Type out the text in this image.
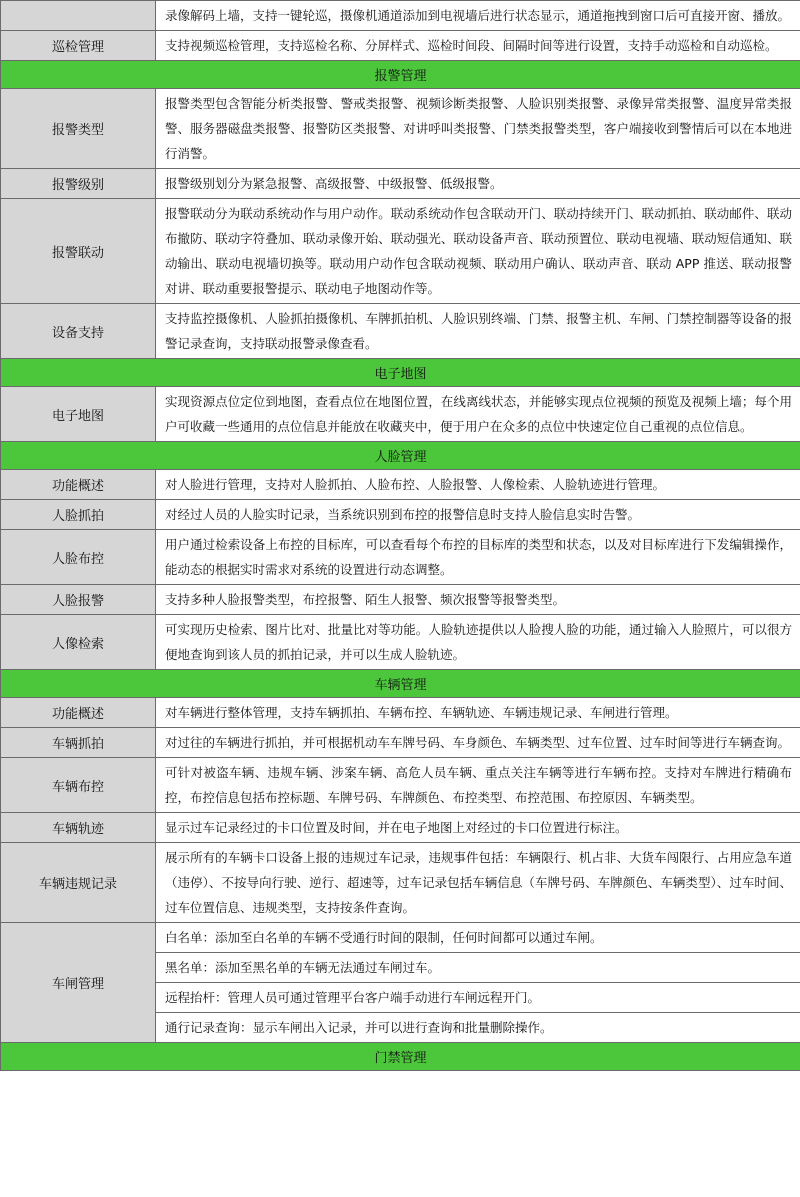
	录像解码上墙，支持一键轮巡，摄像机通道添加到电视墙后进行状态显示，通道拖拽到窗口后可直接开窗、播放。
巡检管理	支持视频巡检管理，支持巡检名称、分屏样式、巡检时间段、间隔时间等进行设置，支持手动巡检和自动巡检。
报警管理	
报警类型	报警类型包含智能分析类报警、警戒类报警、视频诊断类报警、人脸识别类报警、录像异常类报警、温度异常类报警、服务器磁盘类报警、报警防区类报警、对讲呼叫类报警、门禁类报警类型，客户端接收到警情后可以在本地进行消警。
报警级别	报警级别划分为紧急报警、高级报警、中级报警、低级报警。
报警联动	报警联动分为联动系统动作与用户动作。联动系统动作包含联动开门、联动持续开门、联动抓拍、联动邮件、联动布撤防、联动字符叠加、联动录像开始、联动强光、联动设备声音、联动预置位、联动电视墙、联动短信通知、联动输出、联动电视墙切换等。联动用户动作包含联动视频、联动用户确认、联动声音、联动 APP 推送、联动报警对讲、联动重要报警提示、联动电子地图动作等。
设备支持	支持监控摄像机、人脸抓拍摄像机、车牌抓拍机、人脸识别终端、门禁、报警主机、车闸、门禁控制器等设备的报警记录查询，支持联动报警录像查看。
电子地图	
电子地图	实现资源点位定位到地图，查看点位在地图位置，在线离线状态，并能够实现点位视频的预览及视频上墙；每个用户可收藏一些通用的点位信息并能放在收藏夹中，便于用户在众多的点位中快速定位自己重视的点位信息。
人脸管理	
功能概述	对人脸进行管理，支持对人脸抓拍、人脸布控、人脸报警、人像检索、人脸轨迹进行管理。
人脸抓拍	对经过人员的人脸实时记录，当系统识别到布控的报警信息时支持人脸信息实时告警。
人脸布控	用户通过检索设备上布控的目标库，可以查看每个布控的目标库的类型和状态，以及对目标库进行下发编辑操作，能动态的根据实时需求对系统的设置进行动态调整。
人脸报警	支持多种人脸报警类型，布控报警、陌生人报警、频次报警等报警类型。
人像检索	可实现历史检索、图片比对、批量比对等功能。人脸轨迹提供以人脸搜人脸的功能，通过输入人脸照片，可以很方便地查询到该人员的抓拍记录，并可以生成人脸轨迹。
车辆管理	
功能概述	对车辆进行整体管理，支持车辆抓拍、车辆布控、车辆轨迹、车辆违规记录、车闸进行管理。
车辆抓拍	对过往的车辆进行抓拍，并可根据机动车车牌号码、车身颜色、车辆类型、过车位置、过车时间等进行车辆查询。
车辆布控	可针对被盗车辆、违规车辆、涉案车辆、高危人员车辆、重点关注车辆等进行车辆布控。支持对车牌进行精确布控，布控信息包括布控标题、车牌号码、车牌颜色、布控类型、布控范围、布控原因、车辆类型。
车辆轨迹	显示过车记录经过的卡口位置及时间，并在电子地图上对经过的卡口位置进行标注。
车辆违规记录	展示所有的车辆卡口设备上报的违规过车记录，违规事件包括：车辆限行、机占非、大货车闯限行、占用应急车道（违停）、不按导向行驶、逆行、超速等，过车记录包括车辆信息（车牌号码、车牌颜色、车辆类型）、过车时间、过车位置信息、违规类型，支持按条件查询。
车闸管理	白名单：添加至白名单的车辆不受通行时间的限制，任何时间都可以通过车闸。
	黑名单：添加至黑名单的车辆无法通过车闸过车。
	远程抬杆：管理人员可通过管理平台客户端手动进行车闸远程开门。
	通行记录查询：显示车闸出入记录，并可以进行查询和批量删除操作。
门禁管理	
